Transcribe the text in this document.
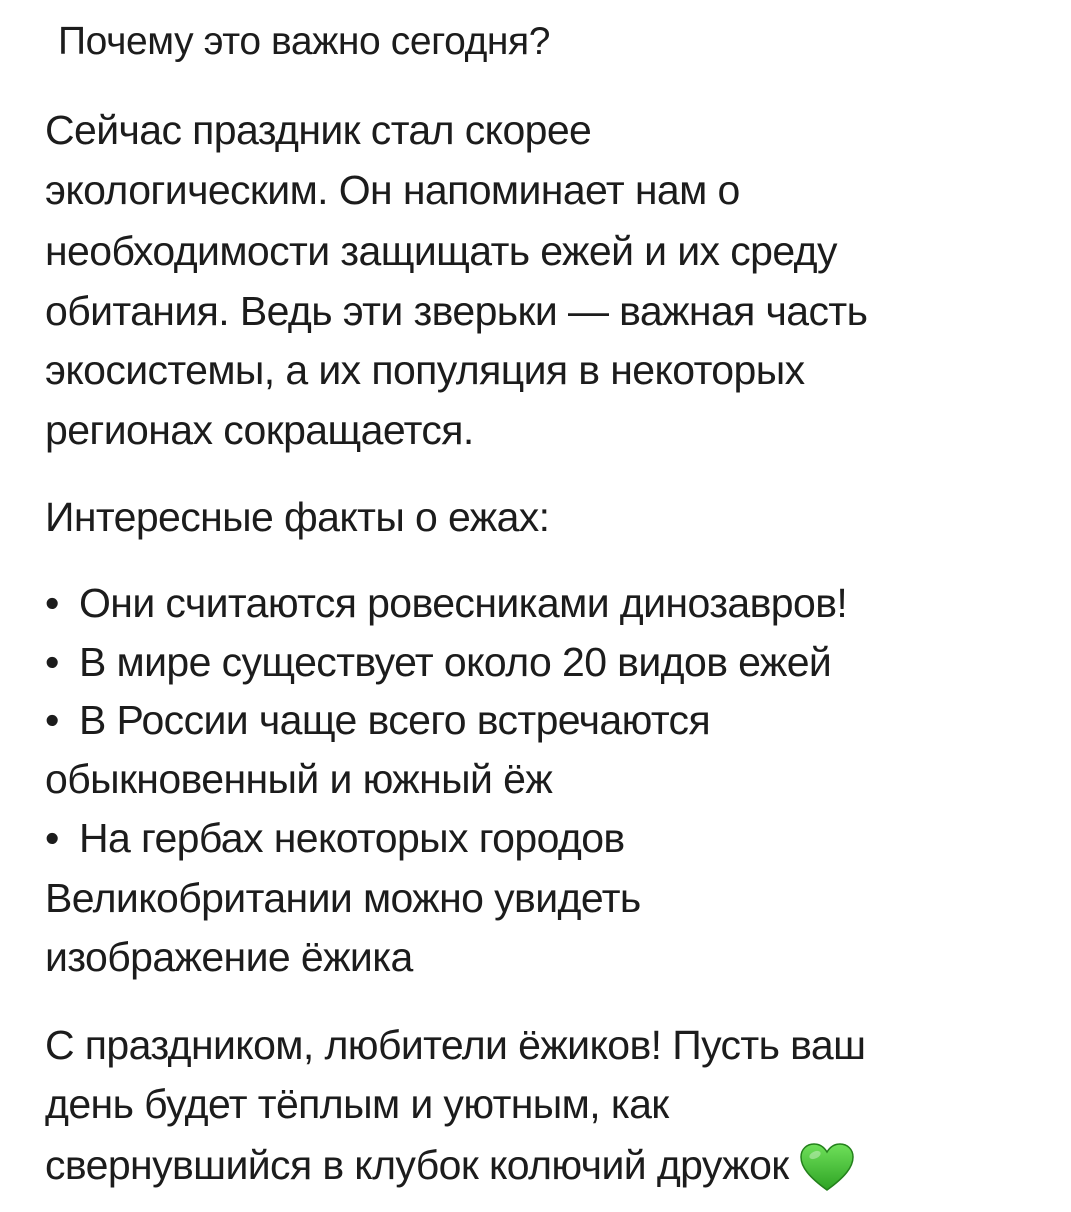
Почему это важно сегодня?
Сейчас праздник стал скорее
экологическим. Он напоминает нам о
необходимости защищать ежей и их среду
обитания. Ведь эти зверьки — важная часть
экосистемы, а их популяция в некоторых
регионах сокращается.
Интересные факты о ежах:
• Они считаются ровесниками динозавров!
• В мире существует около 20 видов ежей
• В России чаще всего встречаются
обыкновенный и южный ёж
• На гербах некоторых городов
Великобритании можно увидеть
изображение ёжика
С праздником, любители ёжиков! Пусть ваш
день будет тёплым и уютным, как
свернувшийся в клубок колючий дружок
